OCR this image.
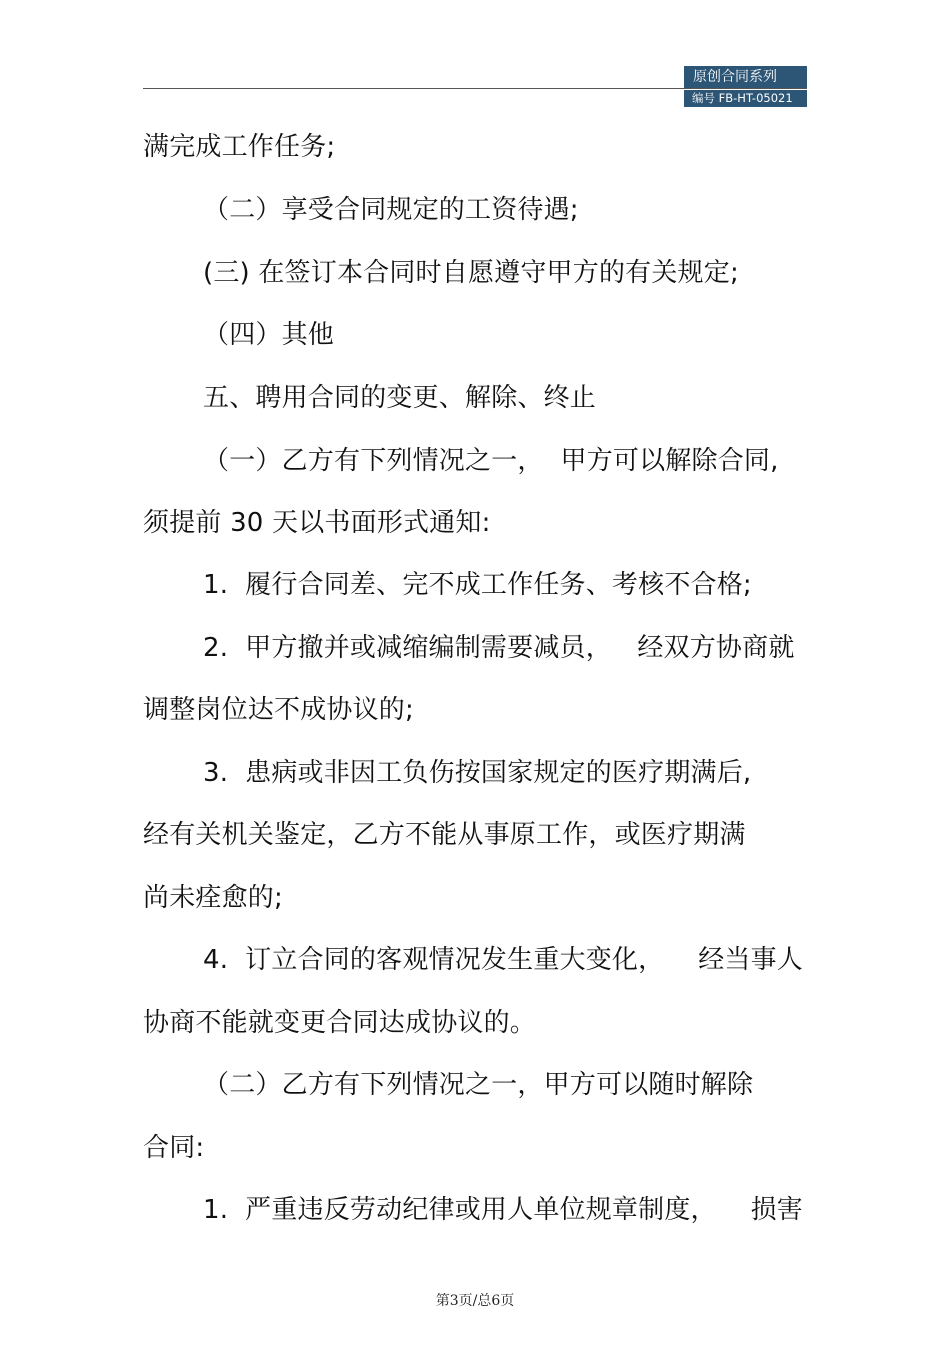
原创合同系列
编号 FB-HT-05021
满完成工作任务;
（二）享受合同规定的工资待遇;
(三) 在签订本合同时自愿遵守甲方的有关规定;
（四）其他
五、聘用合同的变更、解除、终止
（一）乙方有下列情况之一，  甲方可以解除合同,
须提前 30 天以书面形式通知:
1.  履行合同差、完不成工作任务、考核不合格;
2.  甲方撤并或减缩编制需要减员，   经双方协商就
调整岗位达不成协议的;
3.  患病或非因工负伤按国家规定的医疗期满后,
经有关机关鉴定，乙方不能从事原工作，或医疗期满
尚未痊愈的;
4.  订立合同的客观情况发生重大变化，    经当事人
协商不能就变更合同达成协议的。
（二）乙方有下列情况之一，甲方可以随时解除
合同:
1.  严重违反劳动纪律或用人单位规章制度，    损害
第3页/总6页
